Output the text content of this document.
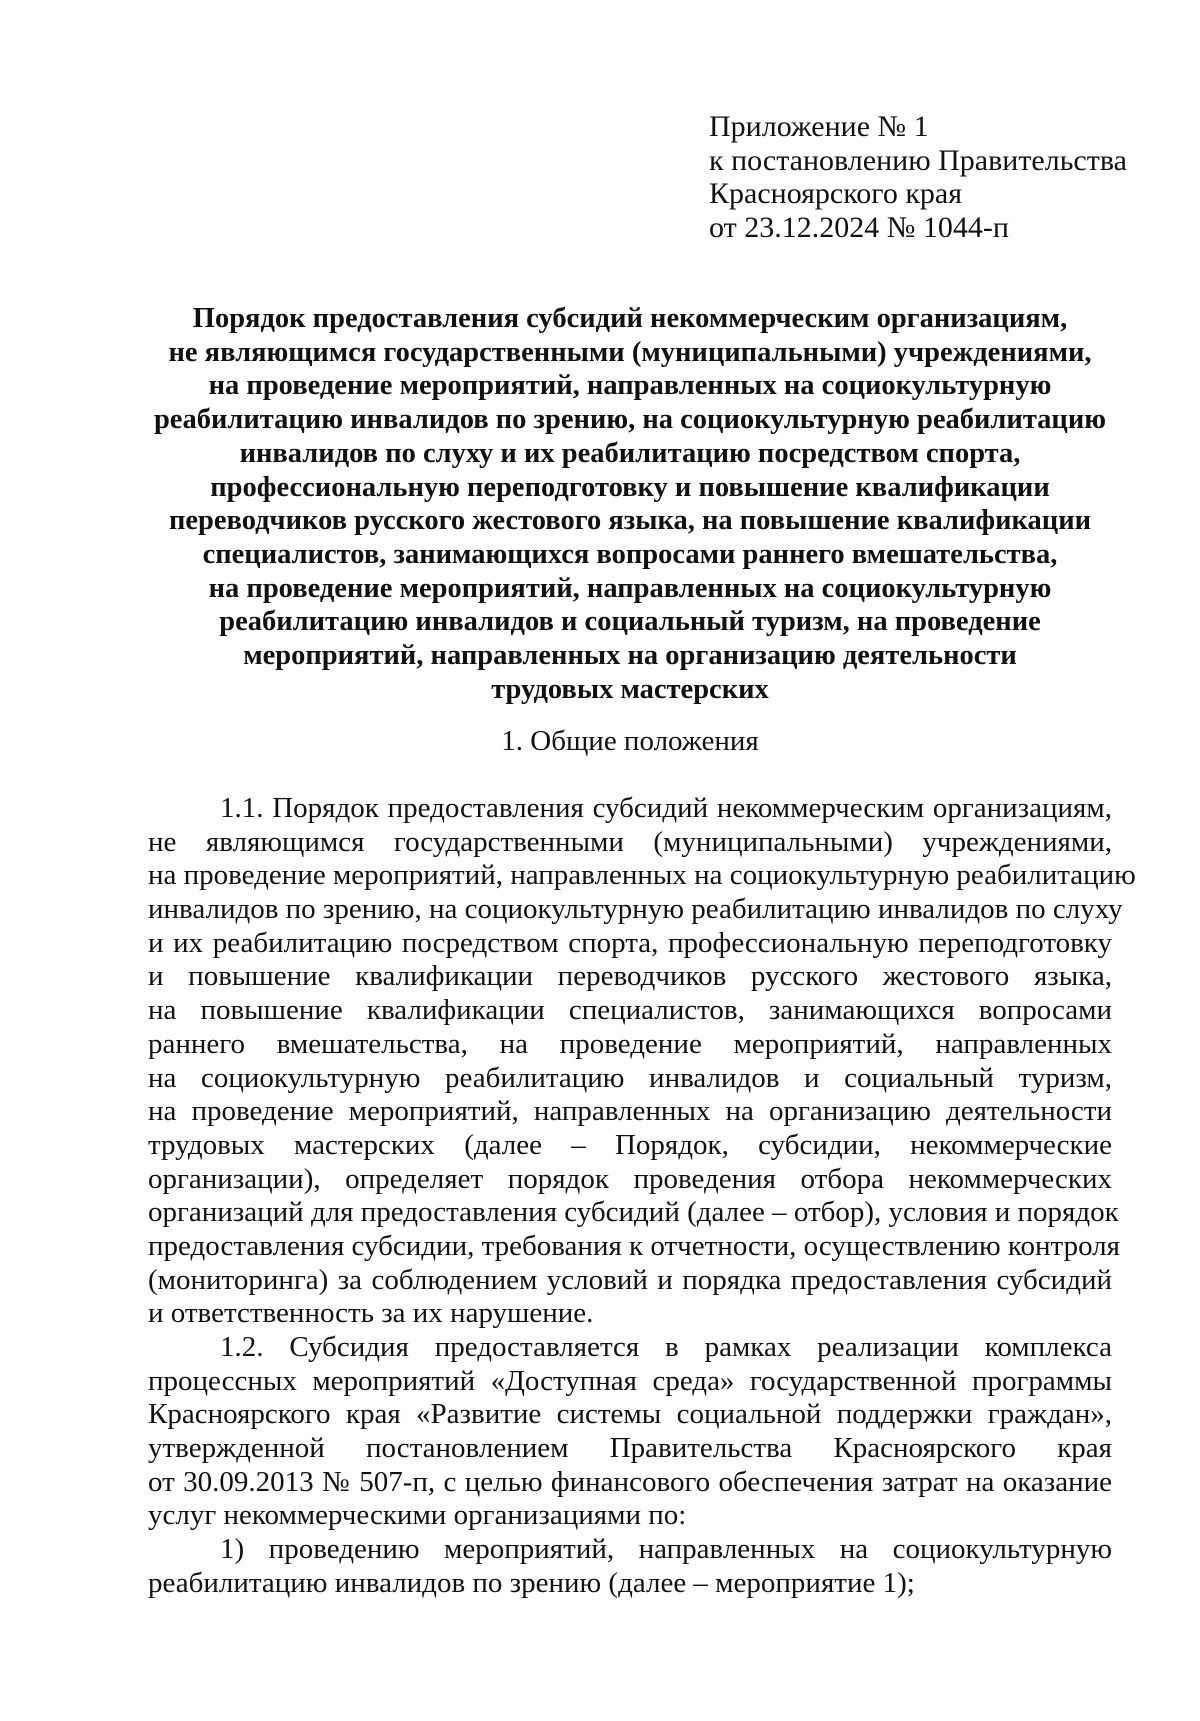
Приложение № 1
к постановлению Правительства
Красноярского края
от 23.12.2024 № 1044-п
Порядок предоставления субсидий некоммерческим организациям,
не являющимся государственными (муниципальными) учреждениями,
на проведение мероприятий, направленных на социокультурную
реабилитацию инвалидов по зрению, на социокультурную реабилитацию
инвалидов по слуху и их реабилитацию посредством спорта,
профессиональную переподготовку и повышение квалификации
переводчиков русского жестового языка, на повышение квалификации
специалистов, занимающихся вопросами раннего вмешательства,
на проведение мероприятий, направленных на социокультурную
реабилитацию инвалидов и социальный туризм, на проведение
мероприятий, направленных на организацию деятельности
трудовых мастерских
1. Общие положения
1.1. Порядок предоставления субсидий некоммерческим организациям,
не являющимся государственными (муниципальными) учреждениями,
на проведение мероприятий, направленных на социокультурную реабилитацию
инвалидов по зрению, на социокультурную реабилитацию инвалидов по слуху
и их реабилитацию посредством спорта, профессиональную переподготовку
и повышение квалификации переводчиков русского жестового языка,
на повышение квалификации специалистов, занимающихся вопросами
раннего вмешательства, на проведение мероприятий, направленных
на социокультурную реабилитацию инвалидов и социальный туризм,
на проведение мероприятий, направленных на организацию деятельности
трудовых мастерских (далее – Порядок, субсидии, некоммерческие
организации), определяет порядок проведения отбора некоммерческих
организаций для предоставления субсидий (далее – отбор), условия и порядок
предоставления субсидии, требования к отчетности, осуществлению контроля
(мониторинга) за соблюдением условий и порядка предоставления субсидий
и ответственность за их нарушение.
1.2. Субсидия предоставляется в рамках реализации комплекса
процессных мероприятий «Доступная среда» государственной программы
Красноярского края «Развитие системы социальной поддержки граждан»,
утвержденной постановлением Правительства Красноярского края
от 30.09.2013 № 507-п, с целью финансового обеспечения затрат на оказание
услуг некоммерческими организациями по:
1) проведению мероприятий, направленных на социокультурную
реабилитацию инвалидов по зрению (далее – мероприятие 1);
